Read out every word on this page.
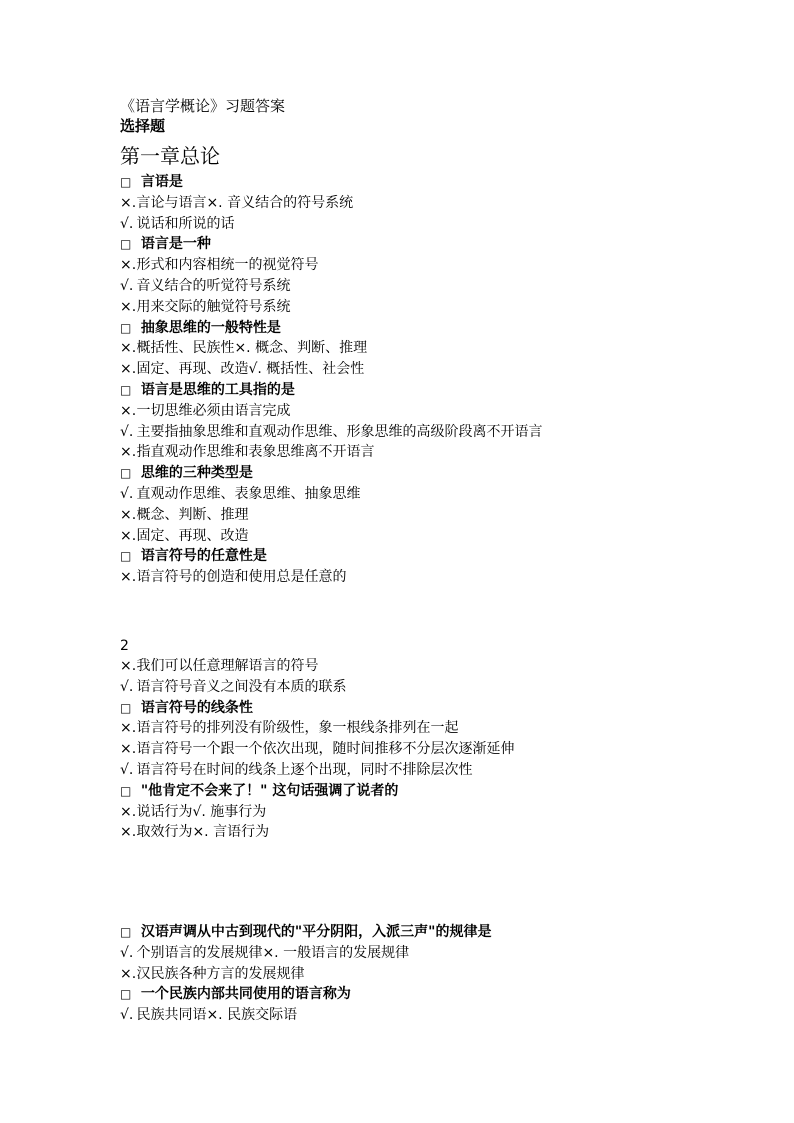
《语言学概论》习题答案
选择题
第一章总论
□ 言语是
×. 言论与语言×. 音义结合的符号系统
√. 说话和所说的话
□ 语言是一种
×. 形式和内容相统一的视觉符号
√. 音义结合的听觉符号系统
×. 用来交际的触觉符号系统
□ 抽象思维的一般特性是
×. 概括性、民族性×. 概念、判断、推理
×. 固定、再现、改造√. 概括性、社会性
□ 语言是思维的工具指的是
×. 一切思维必须由语言完成
√. 主要指抽象思维和直观动作思维、形象思维的高级阶段离不开语言
×. 指直观动作思维和表象思维离不开语言
□ 思维的三种类型是
√. 直观动作思维、表象思维、抽象思维
×. 概念、判断、推理
×. 固定、再现、改造
□ 语言符号的任意性是
×. 语言符号的创造和使用总是任意的
2
×. 我们可以任意理解语言的符号
√. 语言符号音义之间没有本质的联系
□ 语言符号的线条性
×. 语言符号的排列没有阶级性，象一根线条排列在一起
×. 语言符号一个跟一个依次出现，随时间推移不分层次逐渐延伸
√. 语言符号在时间的线条上逐个出现，同时不排除层次性
□ "他肯定不会来了！" 这句话强调了说者的
×. 说话行为√. 施事行为
×. 取效行为×. 言语行为
□ 汉语声调从中古到现代的"平分阴阳，入派三声"的规律是
√. 个别语言的发展规律×. 一般语言的发展规律
×. 汉民族各种方言的发展规律
□ 一个民族内部共同使用的语言称为
√. 民族共同语×. 民族交际语
